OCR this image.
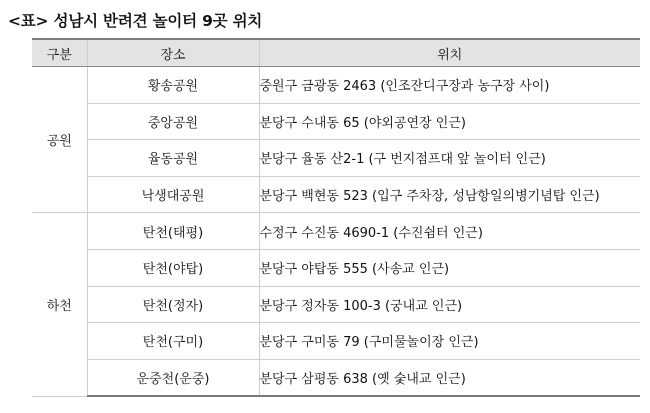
<표> 성남시 반려견 놀이터 9곳 위치
구분	장소	위치
공원	황송공원	중원구 금광동 2463 (인조잔디구장과 농구장 사이)
	중앙공원	분당구 수내동 65 (야외공연장 인근)
	율동공원	분당구 율동 산2-1 (구 번지점프대 앞 놀이터 인근)
	낙생대공원	분당구 백현동 523 (입구 주차장, 성남항일의병기념탑 인근)
하천	탄천(태평)	수정구 수진동 4690-1 (수진쉼터 인근)
	탄천(야탑)	분당구 야탑동 555 (사송교 인근)
	탄천(정자)	분당구 정자동 100-3 (궁내교 인근)
	탄천(구미)	분당구 구미동 79 (구미물놀이장 인근)
	운중천(운중)	분당구 삼평동 638 (옛 숯내교 인근)
